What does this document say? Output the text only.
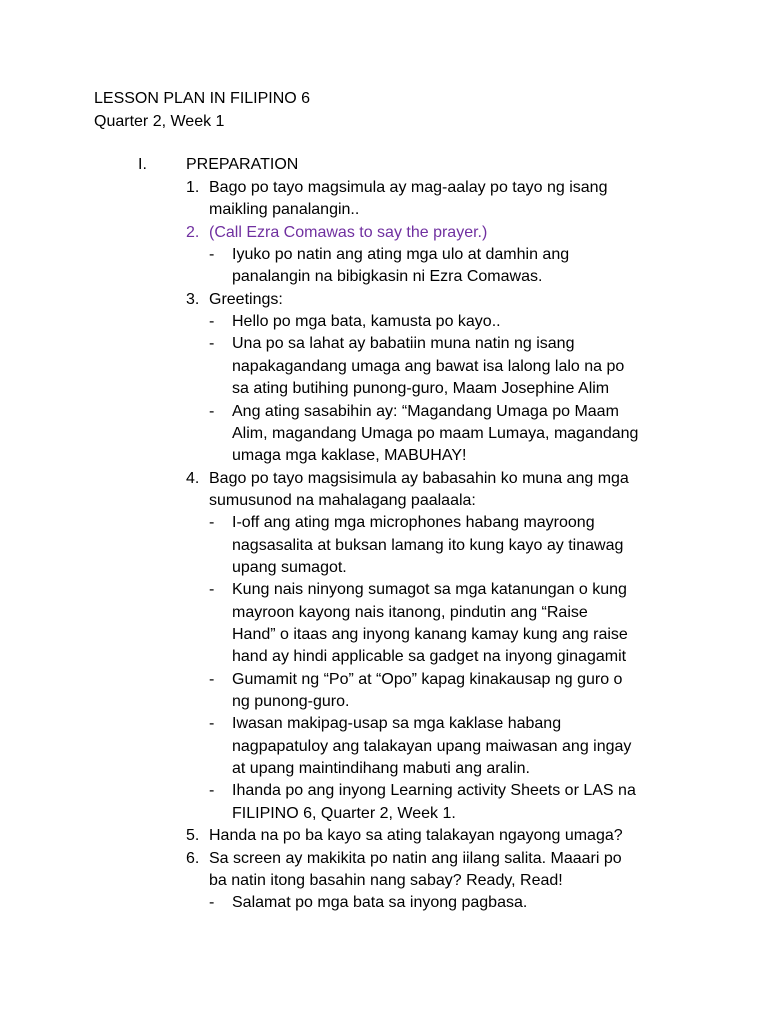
LESSON PLAN IN FILIPINO 6
Quarter 2, Week 1
I. PREPARATION
1. Bago po tayo magsimula ay mag-aalay po tayo ng isang
maikling panalangin..
2. (Call Ezra Comawas to say the prayer.)
- Iyuko po natin ang ating mga ulo at damhin ang
panalangin na bibigkasin ni Ezra Comawas.
3. Greetings:
- Hello po mga bata, kamusta po kayo..
- Una po sa lahat ay babatiin muna natin ng isang
napakagandang umaga ang bawat isa lalong lalo na po
sa ating butihing punong-guro, Maam Josephine Alim
- Ang ating sasabihin ay: “Magandang Umaga po Maam
Alim, magandang Umaga po maam Lumaya, magandang
umaga mga kaklase, MABUHAY!
4. Bago po tayo magsisimula ay babasahin ko muna ang mga
sumusunod na mahalagang paalaala:
- I-off ang ating mga microphones habang mayroong
nagsasalita at buksan lamang ito kung kayo ay tinawag
upang sumagot.
- Kung nais ninyong sumagot sa mga katanungan o kung
mayroon kayong nais itanong, pindutin ang “Raise
Hand” o itaas ang inyong kanang kamay kung ang raise
hand ay hindi applicable sa gadget na inyong ginagamit
- Gumamit ng “Po” at “Opo” kapag kinakausap ng guro o
ng punong-guro.
- Iwasan makipag-usap sa mga kaklase habang
nagpapatuloy ang talakayan upang maiwasan ang ingay
at upang maintindihang mabuti ang aralin.
- Ihanda po ang inyong Learning activity Sheets or LAS na
FILIPINO 6, Quarter 2, Week 1.
5. Handa na po ba kayo sa ating talakayan ngayong umaga?
6. Sa screen ay makikita po natin ang iilang salita. Maaari po
ba natin itong basahin nang sabay? Ready, Read!
- Salamat po mga bata sa inyong pagbasa.
